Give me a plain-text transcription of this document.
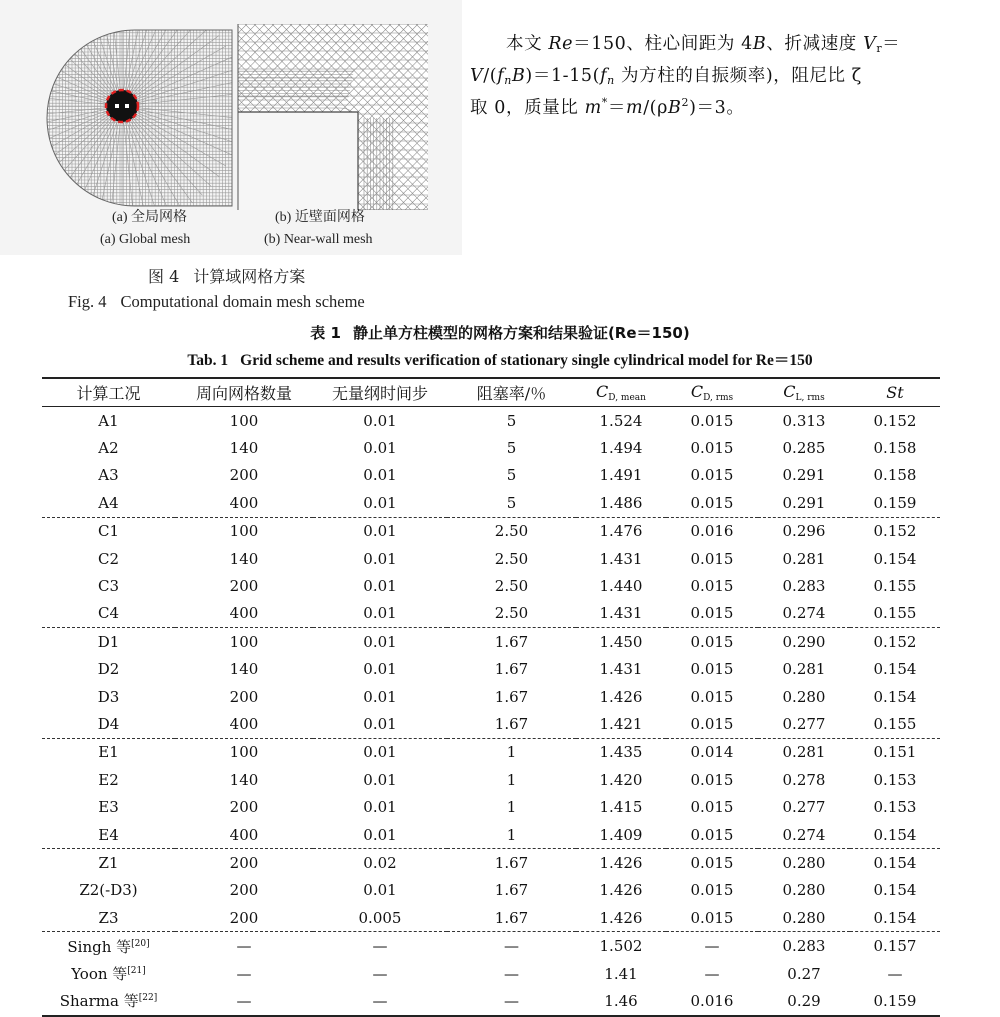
(a) 全局网格
(a) Global mesh
(b) 近壁面网格
(b) Near-wall mesh
本文 Re＝150、柱心间距为 4B、折减速度 $V_r=$
$V/(f_nB)=1-15(f_n$ 为方柱的自振频率)，阻尼比 ζ
取 0，质量比 $m^*=m/(\rho B^2)=3$。
图 4 计算域网格方案
Fig. 4 Computational domain mesh scheme
表 1 静止单方柱模型的网格方案和结果验证(Re＝150)
Tab. 1 Grid scheme and results verification of stationary single cylindrical model for Re＝150
计算工况	周向网格数量	无量纲时间步	阻塞率/％	$C_{D, mean}$	$C_{D, rms}$	$C_{L, rms}$	St
A1	100	0.01	5	1.524	0.015	0.313	0.152
A2	140	0.01	5	1.494	0.015	0.285	0.158
A3	200	0.01	5	1.491	0.015	0.291	0.158
A4	400	0.01	5	1.486	0.015	0.291	0.159
C1	100	0.01	2.50	1.476	0.016	0.296	0.152
C2	140	0.01	2.50	1.431	0.015	0.281	0.154
C3	200	0.01	2.50	1.440	0.015	0.283	0.155
C4	400	0.01	2.50	1.431	0.015	0.274	0.155
D1	100	0.01	1.67	1.450	0.015	0.290	0.152
D2	140	0.01	1.67	1.431	0.015	0.281	0.154
D3	200	0.01	1.67	1.426	0.015	0.280	0.154
D4	400	0.01	1.67	1.421	0.015	0.277	0.155
E1	100	0.01	1	1.435	0.014	0.281	0.151
E2	140	0.01	1	1.420	0.015	0.278	0.153
E3	200	0.01	1	1.415	0.015	0.277	0.153
E4	400	0.01	1	1.409	0.015	0.274	0.154
Z1	200	0.02	1.67	1.426	0.015	0.280	0.154
Z2(-D3)	200	0.01	1.67	1.426	0.015	0.280	0.154
Z3	200	0.005	1.67	1.426	0.015	0.280	0.154
Singh 等[20]	—	—	—	1.502	—	0.283	0.157
Yoon 等[21]	—	—	—	1.41	—	0.27	—
Sharma 等[22]	—	—	—	1.46	0.016	0.29	0.159
